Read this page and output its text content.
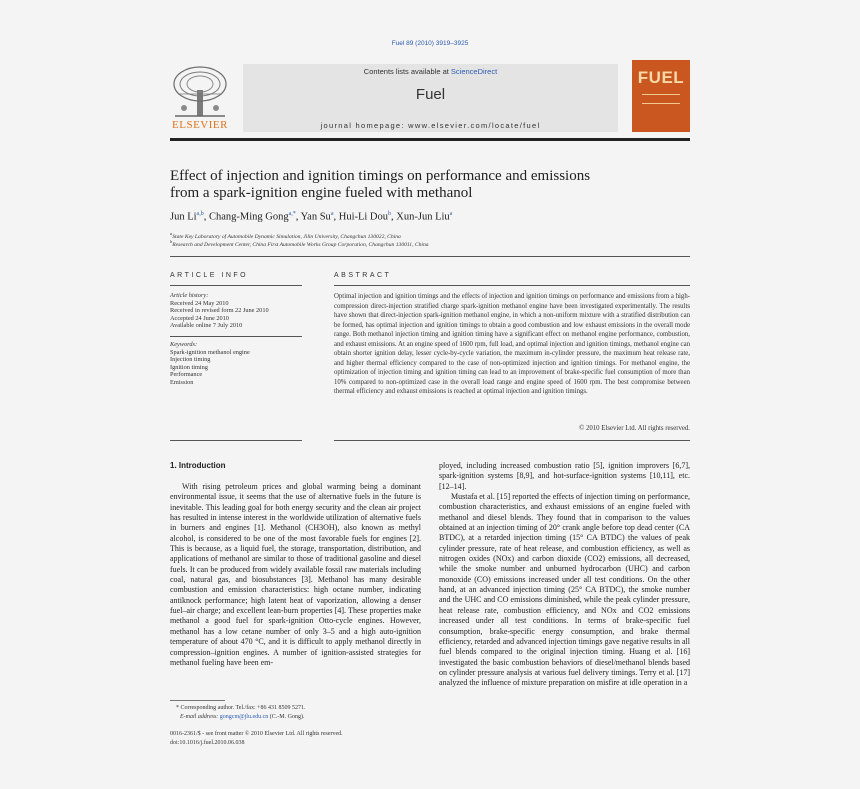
Fuel 89 (2010) 3919–3925
ELSEVIER
Contents lists available at ScienceDirect
Fuel
journal homepage: www.elsevier.com/locate/fuel
FUEL
Effect of injection and ignition timings on performance and emissions
from a spark-ignition engine fueled with methanol
Jun Li$^{a,b}$, Chang-Ming Gong$^{a,*}$, Yan Su$^a$, Hui-Li Dou$^b$, Xun-Jun Liu$^a$
$^a$State Key Laboratory of Automobile Dynamic Simulation, Jilin University, Changchun 130022, China
$^b$Research and Development Center, China First Automobile Works Group Corporation, Changchun 130011, China
ARTICLE INFO	ABSTRACT
Article history:
Received 24 May 2010
Received in revised form 22 June 2010
Accepted 24 June 2010
Available online 7 July 2010
Keywords:
Spark-ignition methanol engine
Injection timing
Ignition timing
Performance
Emission
Optimal injection and ignition timings and the effects of injection and ignition timings on performance and emissions from a high-compression direct-injection stratified charge spark-ignition methanol engine have been investigated experimentally. The results have shown that direct-injection spark-ignition methanol engine, in which a non-uniform mixture with a stratified distribution can be formed, has optimal injection and ignition timings to obtain a good combustion and low exhaust emissions in the overall mode range. Both methanol injection timing and ignition timing have a significant effect on methanol engine performance, combustion, and exhaust emissions. At an engine speed of 1600 rpm, full load, and optimal injection and ignition timings, methanol engine can obtain shorter ignition delay, lesser cycle-by-cycle variation, the maximum in-cylinder pressure, the maximum heat release rate, and higher thermal efficiency compared to the case of non-optimized injection and ignition timings. For methanol engine, the optimization of injection timing and ignition timing can lead to an improvement of brake-specific fuel consumption of more than 10% compared to non-optimized case in the overall load range and engine speed of 1600 rpm. The best compromise between thermal efficiency and exhaust emissions is reached at optimal injection and ignition timings.
© 2010 Elsevier Ltd. All rights reserved.
1. Introduction

With rising petroleum prices and global warming being a dominant environmental issue, it seems that the use of alternative fuels in the future is inevitable. This leading goal for both energy security and the clean air project has resulted in intense interest in the worldwide utilization of alternative fuels in burners and engines [1]. Methanol (CH3OH), also known as methyl alcohol, is considered to be one of the most favorable fuels for engines [2]. This is because, as a liquid fuel, the storage, transportation, distribution, and applications of methanol are similar to those of traditional gasoline and diesel fuels. It can be produced from widely available fossil raw materials including coal, natural gas, and biosubstances [3]. Methanol has many desirable combustion and emission characteristics: high octane number, indicating antiknock performance; high latent heat of vaporization, allowing a denser fuel–air charge; and excellent lean-burn properties [4]. These properties make methanol a good fuel for spark-ignition Otto-cycle engines. However, methanol has a low cetane number of only 3–5 and a high auto-ignition temperature of about 470 °C, and it is difficult to apply methanol directly in compression–ignition engines. A number of ignition-assisted strategies for methanol fueling have been em-

ployed, including increased combustion ratio [5], ignition improvers [6,7], spark-ignition systems [8,9], and hot-surface-ignition systems [10,11], etc. [12–14].

Mustafa et al. [15] reported the effects of injection timing on performance, combustion characteristics, and exhaust emissions of an engine fueled with methanol and diesel blends. They found that in comparison to the values obtained at an injection timing of 20° crank angle before top dead center (CA BTDC), at a retarded injection timing (15° CA BTDC) the values of peak cylinder pressure, rate of heat release, and combustion efficiency, as well as nitrogen oxides (NOx) and carbon dioxide (CO2) emissions, all decreased, while the smoke number and unburned hydrocarbon (UHC) and carbon monoxide (CO) emissions increased under all test conditions. On the other hand, at an advanced injection timing (25° CA BTDC), the smoke number and the UHC and CO emissions diminished, while the peak cylinder pressure, heat release rate, combustion efficiency, and NOx and CO2 emissions increased under all test conditions. In terms of brake-specific fuel consumption, brake-specific energy consumption, and brake thermal efficiency, retarded and advanced injection timings gave negative results in all fuel blends compared to the original injection timing. Huang et al. [16] investigated the basic combustion behaviors of diesel/methanol blends based on cylinder pressure analysis at various fuel delivery timings. Terry et al. [17] analyzed the influence of mixture preparation on misfire at idle operation in a

* Corresponding author. Tel./fax: +86 431 8509 5271.
E-mail address: gongcm@jlu.edu.cn (C.-M. Gong).
0016-2361/$ - see front matter © 2010 Elsevier Ltd. All rights reserved.
doi:10.1016/j.fuel.2010.06.038
